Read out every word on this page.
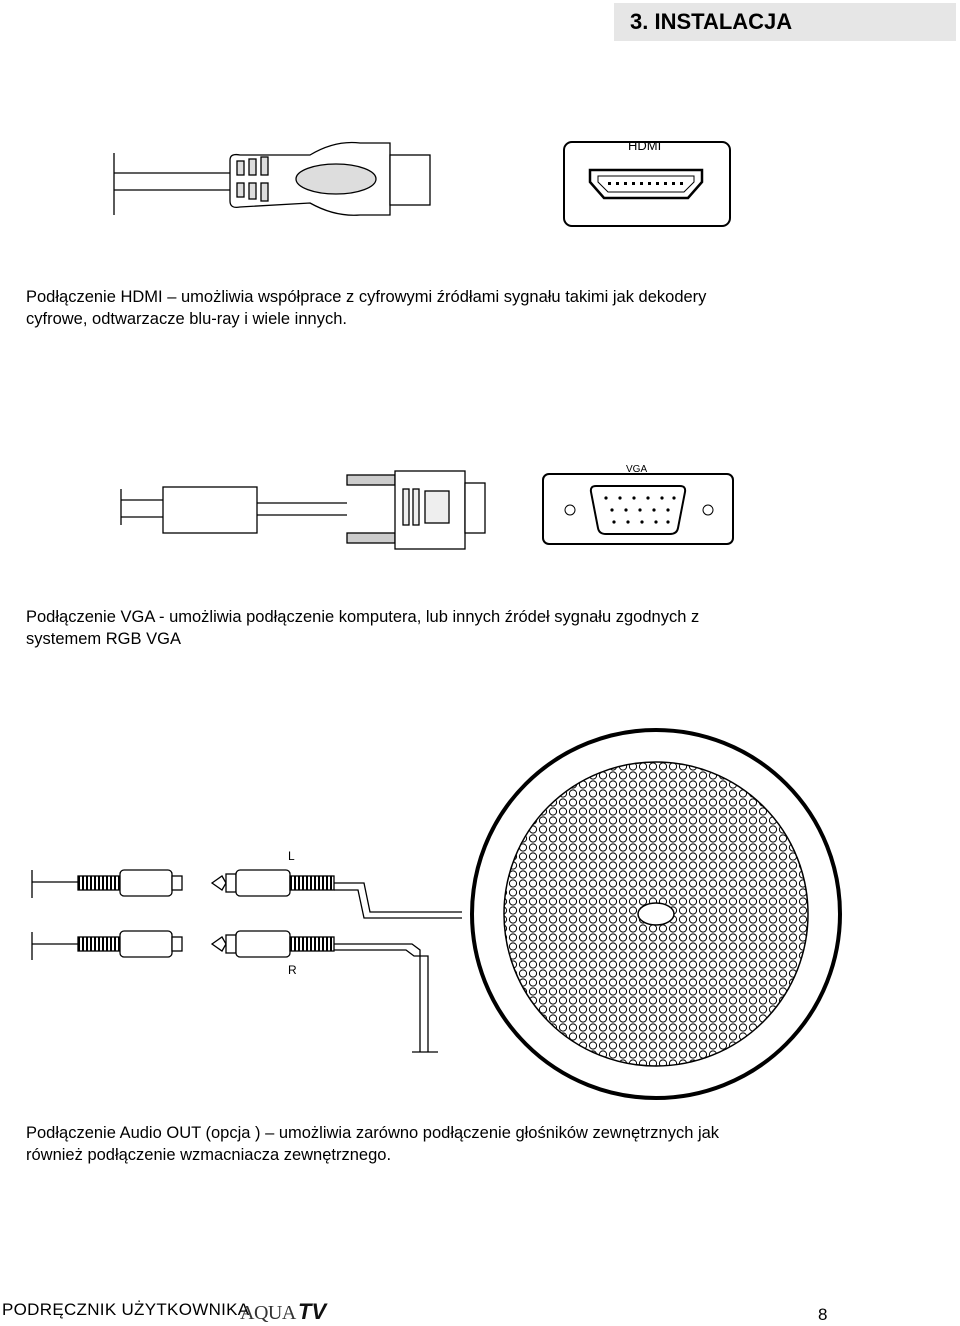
3. INSTALACJA
HDMI

Podłączenie HDMI – umożliwia współprace z cyfrowymi źródłami sygnału takimi jak dekodery
cyfrowe, odtwarzacze blu-ray i wiele innych.

VGA

Podłączenie VGA - umożliwia podłączenie komputera, lub innych źródeł sygnału zgodnych z
systemem RGB VGA

L
R

Podłączenie Audio OUT (opcja ) – umożliwia zarówno podłączenie głośników zewnętrznych jak
również podłączenie wzmacniacza zewnętrznego.

PODRĘCZNIK UŻYTKOWNIKA
AQUA TV	8
